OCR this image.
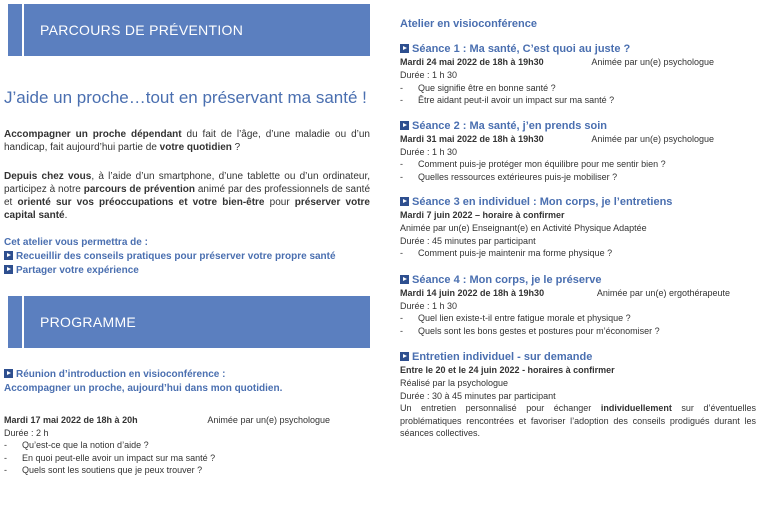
PARCOURS DE PRÉVENTION
J’aide un proche…tout en préservant ma santé !
Accompagner un proche dépendant du fait de l’âge, d’une maladie ou d’un handicap, fait aujourd’hui partie de votre quotidien ?
Depuis chez vous, à l’aide d’un smartphone, d’une tablette ou d’un ordinateur, participez à notre parcours de prévention animé par des professionnels de santé et orienté sur vos préoccupations et votre bien-être pour préserver votre capital santé.
Cet atelier vous permettra de :
Recueillir des conseils pratiques pour préserver votre propre santé
Partager votre expérience
PROGRAMME
Réunion d’introduction en visioconférence :
Accompagner un proche, aujourd’hui dans mon quotidien.
Mardi 17 mai 2022 de 18h à 20h	Animée par un(e) psychologue
Durée : 2 h
-	Qu’est-ce que la notion d’aide ?
-	En quoi peut-elle avoir un impact sur ma santé ?
-	Quels sont les soutiens que je peux trouver ?
Atelier en visioconférence
Séance 1 : Ma santé, C’est quoi au juste ?
Mardi 24 mai 2022 de 18h à 19h30	Animée par un(e) psychologue
Durée : 1 h 30
-	Que signifie être en bonne santé ?
-	Être aidant peut-il avoir un impact sur ma santé ?
Séance 2 : Ma santé, j’en prends soin
Mardi 31 mai 2022 de 18h à 19h30	Animée par un(e) psychologue
Durée : 1 h 30
-	Comment puis-je protéger mon équilibre pour me sentir bien ?
-	Quelles ressources extérieures puis-je mobiliser ?
Séance 3 en individuel : Mon corps, je l’entretiens
Mardi 7 juin 2022 – horaire à confirmer
Animée par un(e) Enseignant(e) en Activité Physique Adaptée
Durée : 45 minutes par participant
-	Comment puis-je maintenir ma forme physique ?
Séance 4 : Mon corps, je le préserve
Mardi 14 juin 2022 de 18h à 19h30	Animée par un(e) ergothérapeute
Durée : 1 h 30
-	Quel lien existe-t-il entre fatigue morale et physique ?
-	Quels sont les bons gestes et postures pour m’économiser ?
Entretien individuel - sur demande
Entre le 20 et le 24 juin 2022 - horaires à confirmer
Réalisé par la psychologue
Durée : 30 à 45 minutes par participant
Un entretien personnalisé pour échanger individuellement sur d’éventuelles problématiques rencontrées et favoriser l’adoption des conseils prodigués durant les séances collectives.
